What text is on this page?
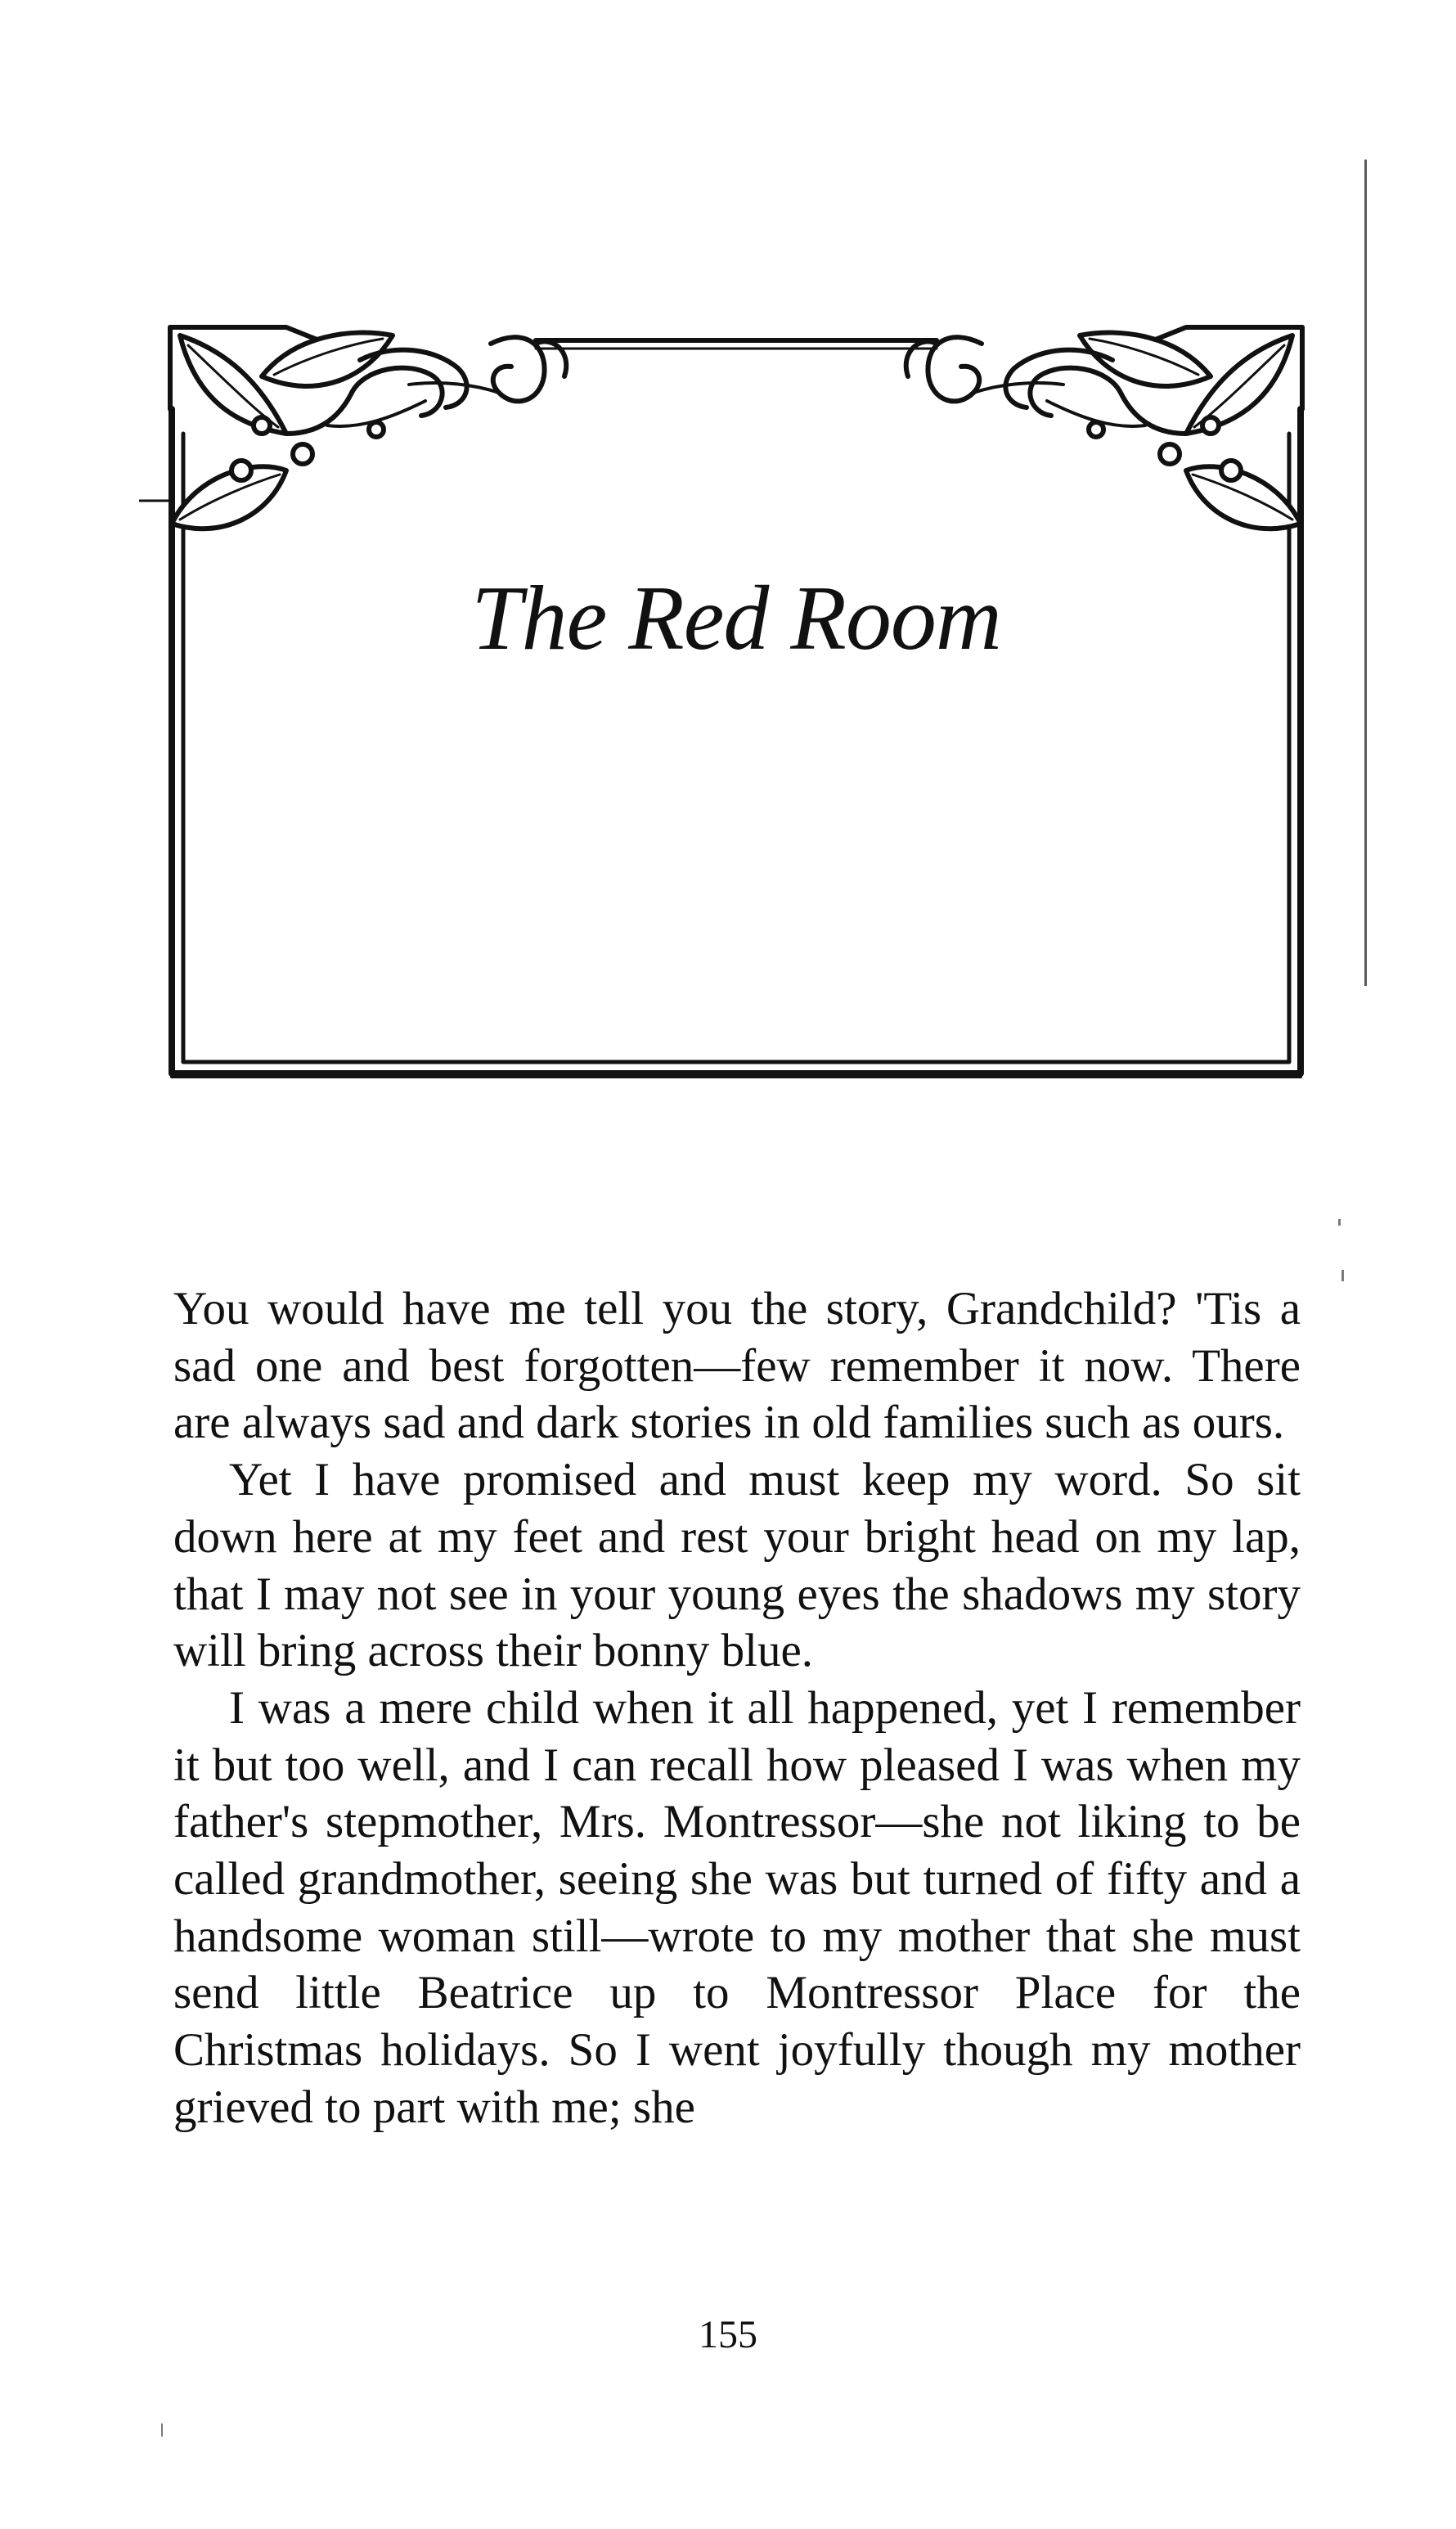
The Red Room

You would have me tell you the story, Grandchild? 'Tis a sad one and best forgotten—few remember it now. There are always sad and dark stories in old families such as ours.

Yet I have promised and must keep my word. So sit down here at my feet and rest your bright head on my lap, that I may not see in your young eyes the shadows my story will bring across their bonny blue.

I was a mere child when it all happened, yet I remember it but too well, and I can recall how pleased I was when my father's stepmother, Mrs. Montressor—she not liking to be called grandmother, seeing she was but turned of fifty and a handsome woman still—wrote to my mother that she must send little Beatrice up to Montressor Place for the Christmas holidays. So I went joyfully though my mother grieved to part with me; she

155
